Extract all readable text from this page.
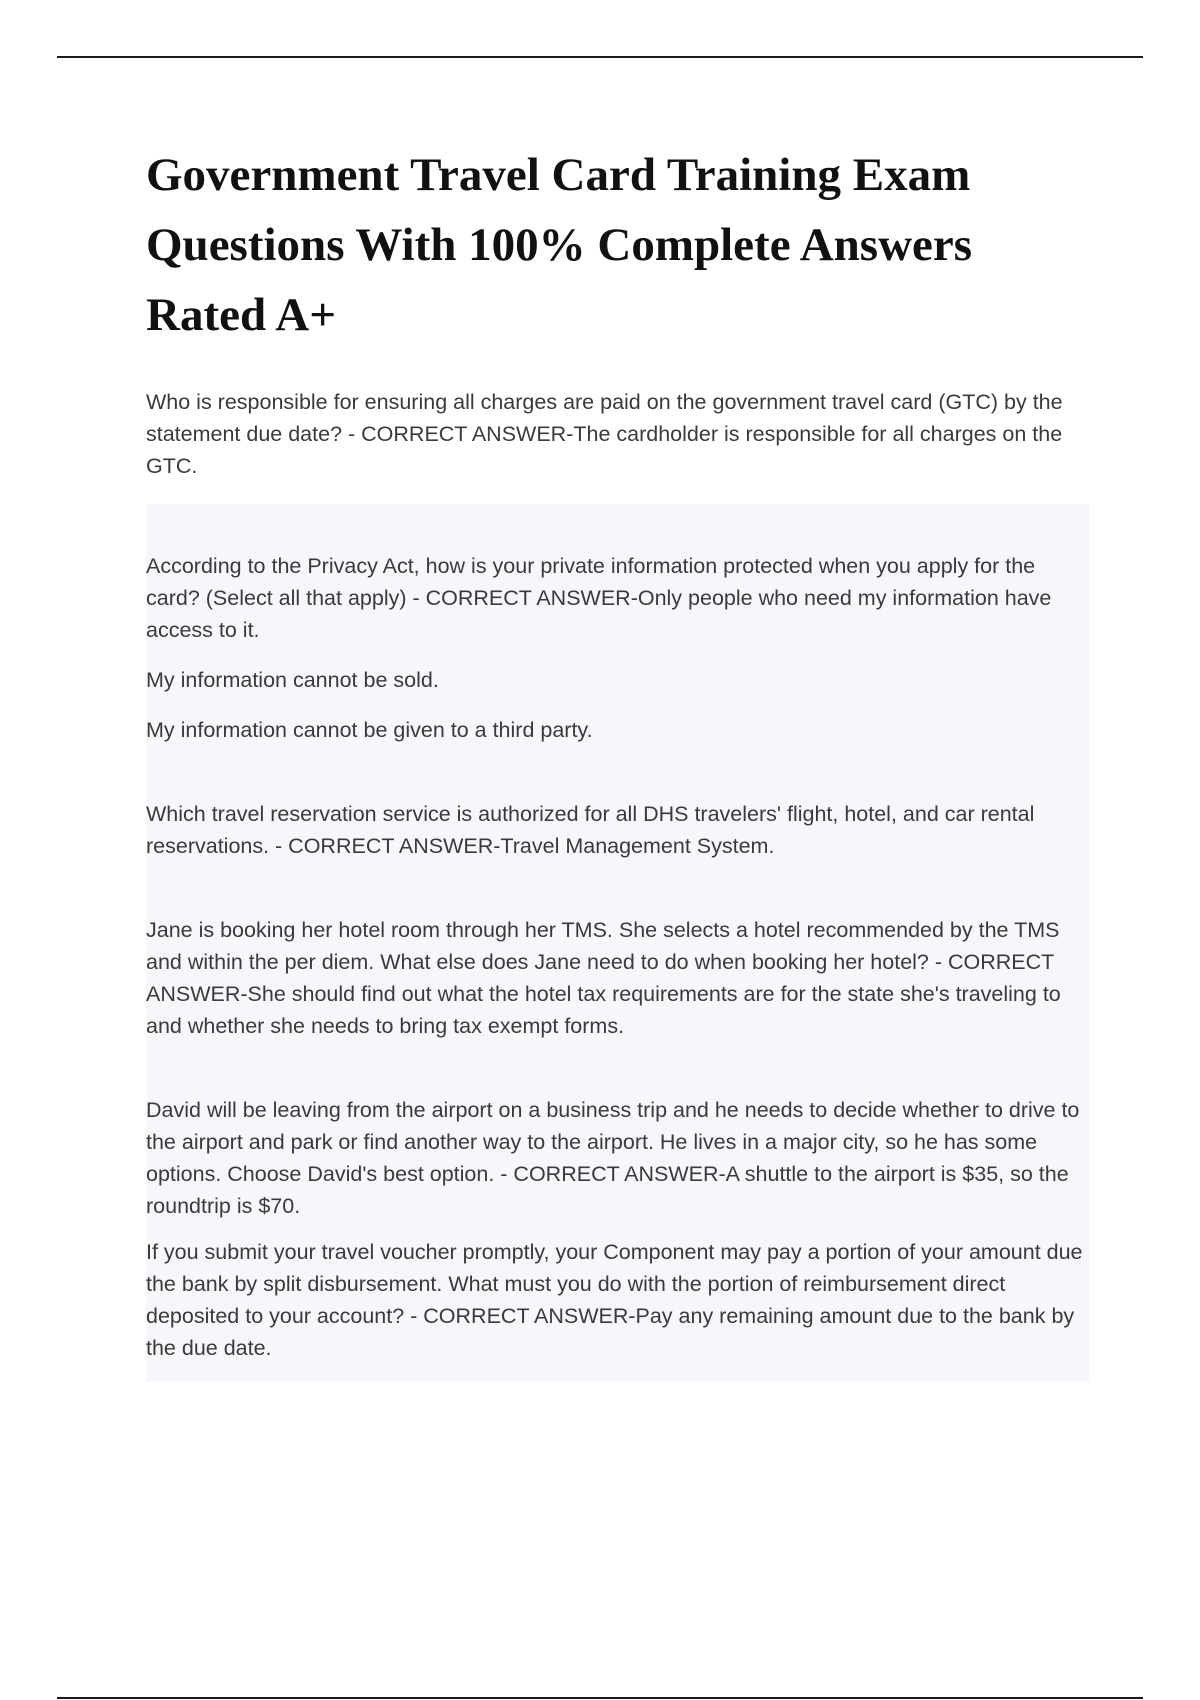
Government Travel Card Training Exam Questions With 100% Complete Answers Rated A+

Who is responsible for ensuring all charges are paid on the government travel card (GTC) by the statement due date? - CORRECT ANSWER-The cardholder is responsible for all charges on the GTC.

According to the Privacy Act, how is your private information protected when you apply for the card? (Select all that apply) - CORRECT ANSWER-Only people who need my information have access to it.

My information cannot be sold.

My information cannot be given to a third party.

Which travel reservation service is authorized for all DHS travelers' flight, hotel, and car rental reservations. - CORRECT ANSWER-Travel Management System.

Jane is booking her hotel room through her TMS. She selects a hotel recommended by the TMS and within the per diem. What else does Jane need to do when booking her hotel? - CORRECT ANSWER-She should find out what the hotel tax requirements are for the state she's traveling to and whether she needs to bring tax exempt forms.

David will be leaving from the airport on a business trip and he needs to decide whether to drive to the airport and park or find another way to the airport. He lives in a major city, so he has some options. Choose David's best option. - CORRECT ANSWER-A shuttle to the airport is $35, so the roundtrip is $70.

If you submit your travel voucher promptly, your Component may pay a portion of your amount due the bank by split disbursement. What must you do with the portion of reimbursement direct deposited to your account? - CORRECT ANSWER-Pay any remaining amount due to the bank by the due date.
